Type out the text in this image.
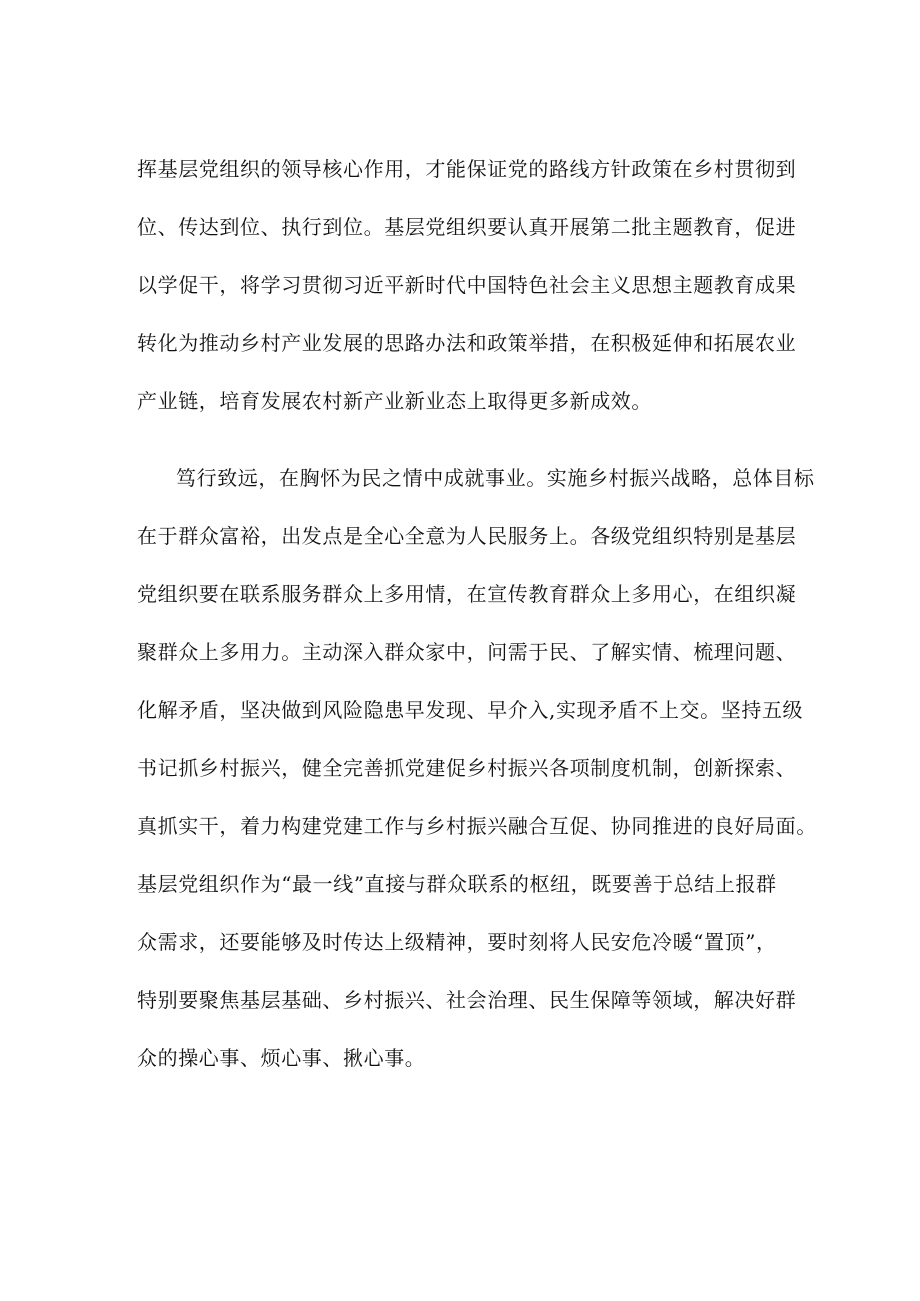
挥基层党组织的领导核心作用，才能保证党的路线方针政策在乡村贯彻到
位、传达到位、执行到位。基层党组织要认真开展第二批主题教育，促进
以学促干，将学习贯彻习近平新时代中国特色社会主义思想主题教育成果
转化为推动乡村产业发展的思路办法和政策举措，在积极延伸和拓展农业
产业链，培育发展农村新产业新业态上取得更多新成效。
笃行致远，在胸怀为民之情中成就事业。实施乡村振兴战略，总体目标
在于群众富裕，出发点是全心全意为人民服务上。各级党组织特别是基层
党组织要在联系服务群众上多用情，在宣传教育群众上多用心，在组织凝
聚群众上多用力。主动深入群众家中，问需于民、了解实情、梳理问题、
化解矛盾，坚决做到风险隐患早发现、早介入,实现矛盾不上交。坚持五级
书记抓乡村振兴，健全完善抓党建促乡村振兴各项制度机制，创新探索、
真抓实干，着力构建党建工作与乡村振兴融合互促、协同推进的良好局面。
基层党组织作为“最一线”直接与群众联系的枢纽，既要善于总结上报群
众需求，还要能够及时传达上级精神，要时刻将人民安危冷暖“置顶”，
特别要聚焦基层基础、乡村振兴、社会治理、民生保障等领域，解决好群
众的操心事、烦心事、揪心事。
